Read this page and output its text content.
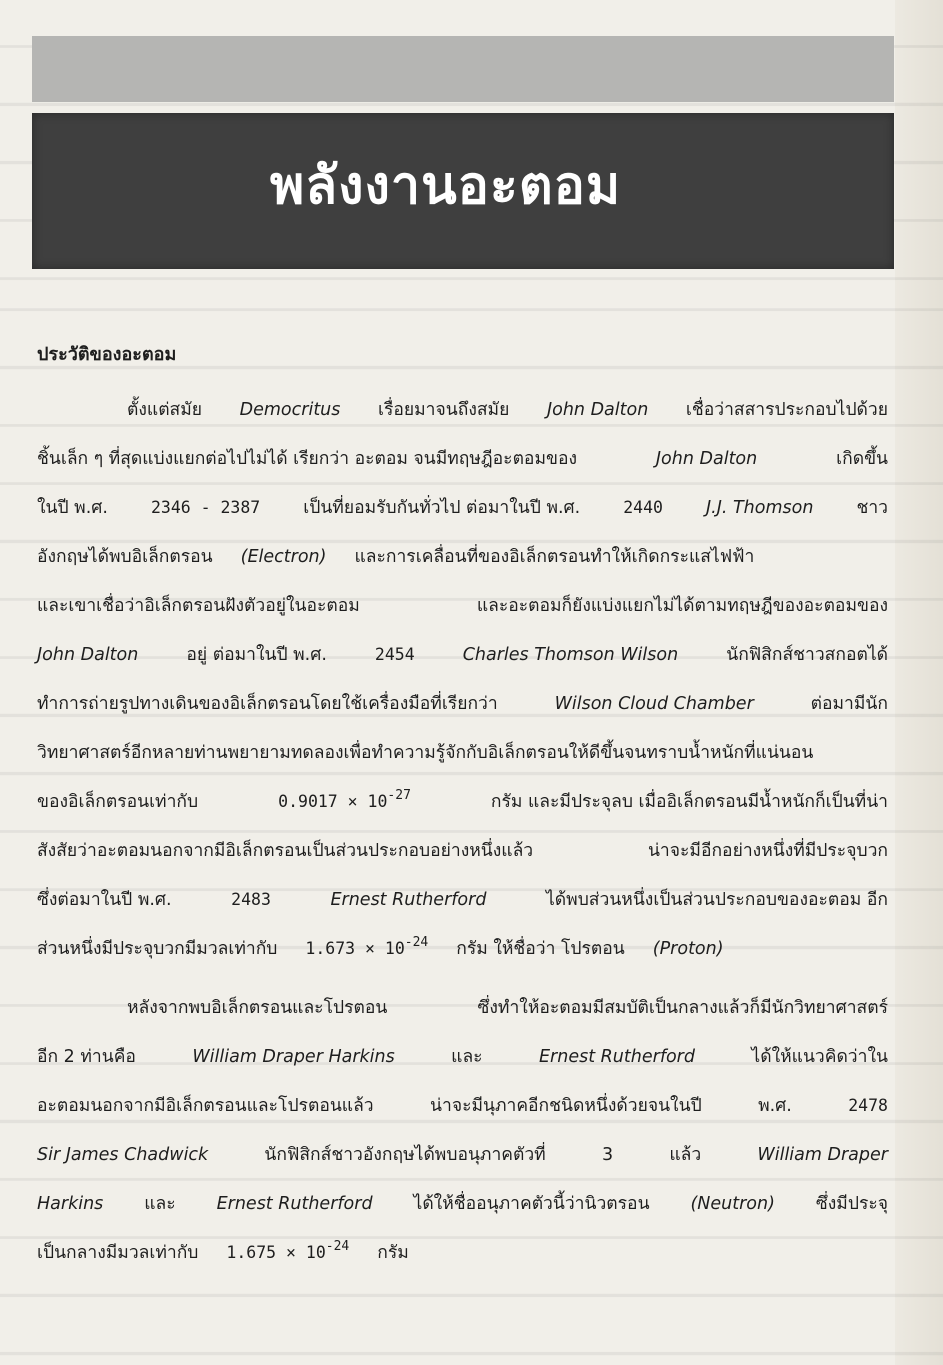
พลังงานอะตอม
ประวัติของอะตอม

ตั้งแต่สมัย Democritus เรื่อยมาจนถึงสมัย John Dalton เชื่อว่าสสารประกอบไปด้วย

ชิ้นเล็ก ๆ ที่สุดแบ่งแยกต่อไปไม่ได้ เรียกว่า อะตอม จนมีทฤษฎีอะตอมของ	John Dalton	เกิดขึ้น

ในปี พ.ศ.	2346 - 2387 เป็นที่ยอมรับกันทั่วไป ต่อมาในปี พ.ศ.	2440 J.J. Thomson ชาว

อังกฤษได้พบอิเล็กตรอน (Electron) และการเคลื่อนที่ของอิเล็กตรอนทำให้เกิดกระแสไฟฟ้า

และเขาเชื่อว่าอิเล็กตรอนฝังตัวอยู่ในอะตอม	และอะตอมก็ยังแบ่งแยกไม่ได้ตามทฤษฎีของอะตอมของ

John Dalton	อยู่ ต่อมาในปี พ.ศ.	2454	Charles Thomson Wilson	นักฟิสิกส์ชาวสกอตได้

ทำการถ่ายรูปทางเดินของอิเล็กตรอนโดยใช้เครื่องมือที่เรียกว่า	Wilson Cloud Chamber	ต่อมามีนัก

วิทยาศาสตร์อีกหลายท่านพยายามทดลองเพื่อทำความรู้จักกับอิเล็กตรอนให้ดีขึ้นจนทราบน้ำหนักที่แน่นอน

ของอิเล็กตรอนเท่ากับ	$0.9017 \times 10^{-27}$	กรัม และมีประจุลบ เมื่ออิเล็กตรอนมีน้ำหนักก็เป็นที่น่า

สังสัยว่าอะตอมนอกจากมีอิเล็กตรอนเป็นส่วนประกอบอย่างหนึ่งแล้ว	น่าจะมีอีกอย่างหนึ่งที่มีประจุบวก

ซึ่งต่อมาในปี พ.ศ.	2483	Ernest Rutherford	ได้พบส่วนหนึ่งเป็นส่วนประกอบของอะตอม อีก

ส่วนหนึ่งมีประจุบวกมีมวลเท่ากับ $1.673 \times 10^{-24}$ กรัม ให้ชื่อว่า โปรตอน (Proton)

หลังจากพบอิเล็กตรอนและโปรตอน	ซึ่งทำให้อะตอมมีสมบัติเป็นกลางแล้วก็มีนักวิทยาศาสตร์

อีก 2 ท่านคือ	William Draper Harkins	และ	Ernest Rutherford	ได้ให้แนวคิดว่าใน

อะตอมนอกจากมีอิเล็กตรอนและโปรตอนแล้ว	น่าจะมีนุภาคอีกชนิดหนึ่งด้วยจนในปี	พ.ศ.	2478

Sir James Chadwick	นักฟิสิกส์ชาวอังกฤษได้พบอนุภาคตัวที่	3	แล้ว	William Draper

Harkins และ Ernest Rutherford ได้ให้ชื่ออนุภาคตัวนี้ว่านิวตรอน (Neutron) ซึ่งมีประจุ

เป็นกลางมีมวลเท่ากับ $1.675 \times 10^{-24}$ กรัม
